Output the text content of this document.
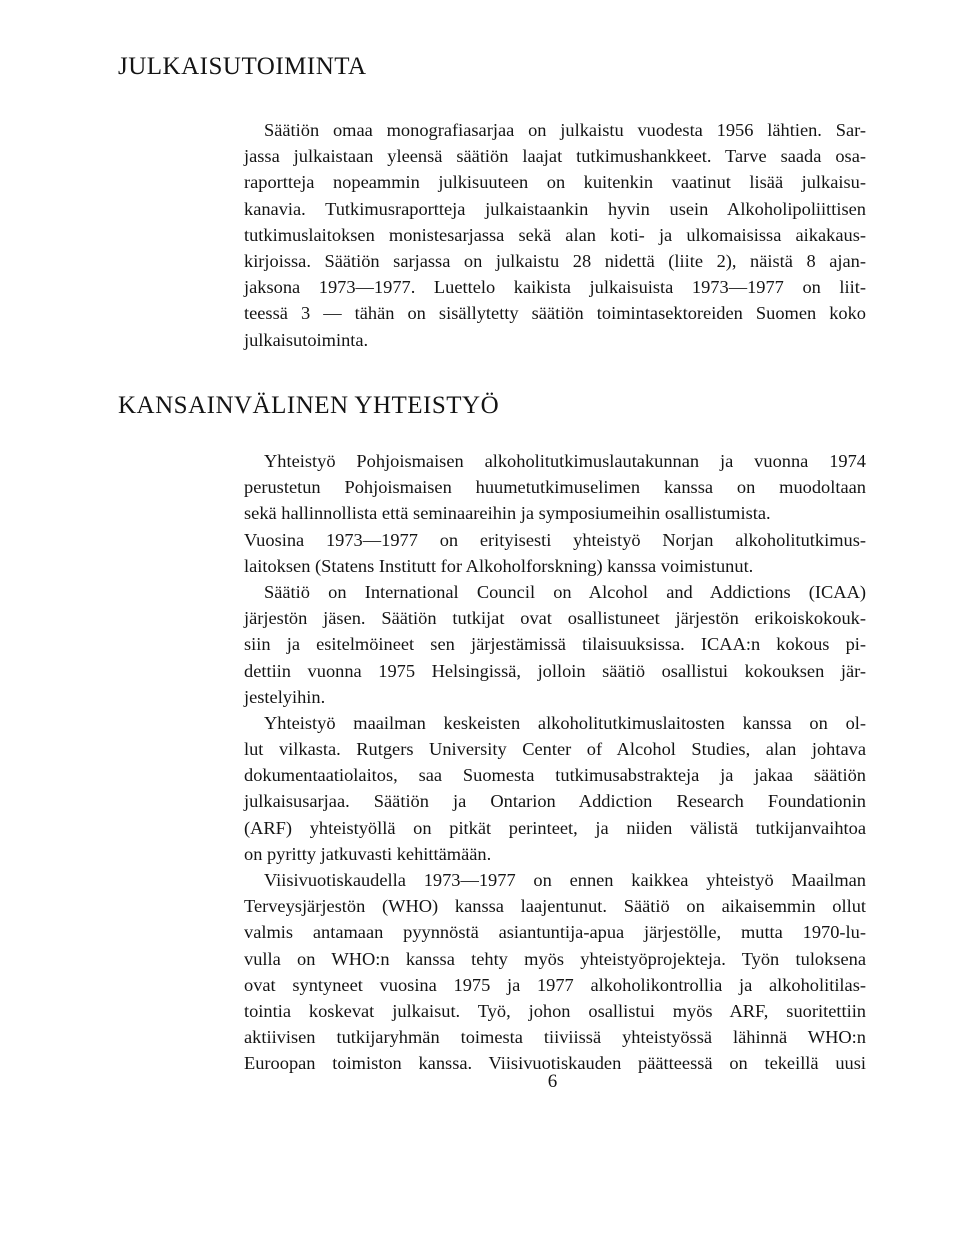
JULKAISUTOIMINTA
Säätiön omaa monografiasarjaa on julkaistu vuodesta 1956 lähtien. Sar-
jassa julkaistaan yleensä säätiön laajat tutkimushankkeet. Tarve saada osa-
raportteja nopeammin julkisuuteen on kuitenkin vaatinut lisää julkaisu-
kanavia. Tutkimusraportteja julkaistaankin hyvin usein Alkoholipoliittisen
tutkimuslaitoksen monistesarjassa sekä alan koti- ja ulkomaisissa aikakaus-
kirjoissa. Säätiön sarjassa on julkaistu 28 nidettä (liite 2), näistä 8 ajan-
jaksona 1973—1977. Luettelo kaikista julkaisuista 1973—1977 on liit-
teessä 3 — tähän on sisällytetty säätiön toimintasektoreiden Suomen koko
julkaisutoiminta.
KANSAINVÄLINEN YHTEISTYÖ
Yhteistyö Pohjoismaisen alkoholitutkimuslautakunnan ja vuonna 1974
perustetun Pohjoismaisen huumetutkimuselimen kanssa on muodoltaan
sekä hallinnollista että seminaareihin ja symposiumeihin osallistumista.
Vuosina 1973—1977 on erityisesti yhteistyö Norjan alkoholitutkimus-
laitoksen (Statens Institutt for Alkoholforskning) kanssa voimistunut.
Säätiö on International Council on Alcohol and Addictions (ICAA)
järjestön jäsen. Säätiön tutkijat ovat osallistuneet järjestön erikoiskokouk-
siin ja esitelmöineet sen järjestämissä tilaisuuksissa. ICAA:n kokous pi-
dettiin vuonna 1975 Helsingissä, jolloin säätiö osallistui kokouksen jär-
jestelyihin.
Yhteistyö maailman keskeisten alkoholitutkimuslaitosten kanssa on ol-
lut vilkasta. Rutgers University Center of Alcohol Studies, alan johtava
dokumentaatiolaitos, saa Suomesta tutkimusabstrakteja ja jakaa säätiön
julkaisusarjaa. Säätiön ja Ontarion Addiction Research Foundationin
(ARF) yhteistyöllä on pitkät perinteet, ja niiden välistä tutkijanvaihtoa
on pyritty jatkuvasti kehittämään.
Viisivuotiskaudella 1973—1977 on ennen kaikkea yhteistyö Maailman
Terveysjärjestön (WHO) kanssa laajentunut. Säätiö on aikaisemmin ollut
valmis antamaan pyynnöstä asiantuntija-apua järjestölle, mutta 1970-lu-
vulla on WHO:n kanssa tehty myös yhteistyöprojekteja. Työn tuloksena
ovat syntyneet vuosina 1975 ja 1977 alkoholikontrollia ja alkoholitilas-
tointia koskevat julkaisut. Työ, johon osallistui myös ARF, suoritettiin
aktiivisen tutkijaryhmän toimesta tiiviissä yhteistyössä lähinnä WHO:n
Euroopan toimiston kanssa. Viisivuotiskauden päätteessä on tekeillä uusi
6
